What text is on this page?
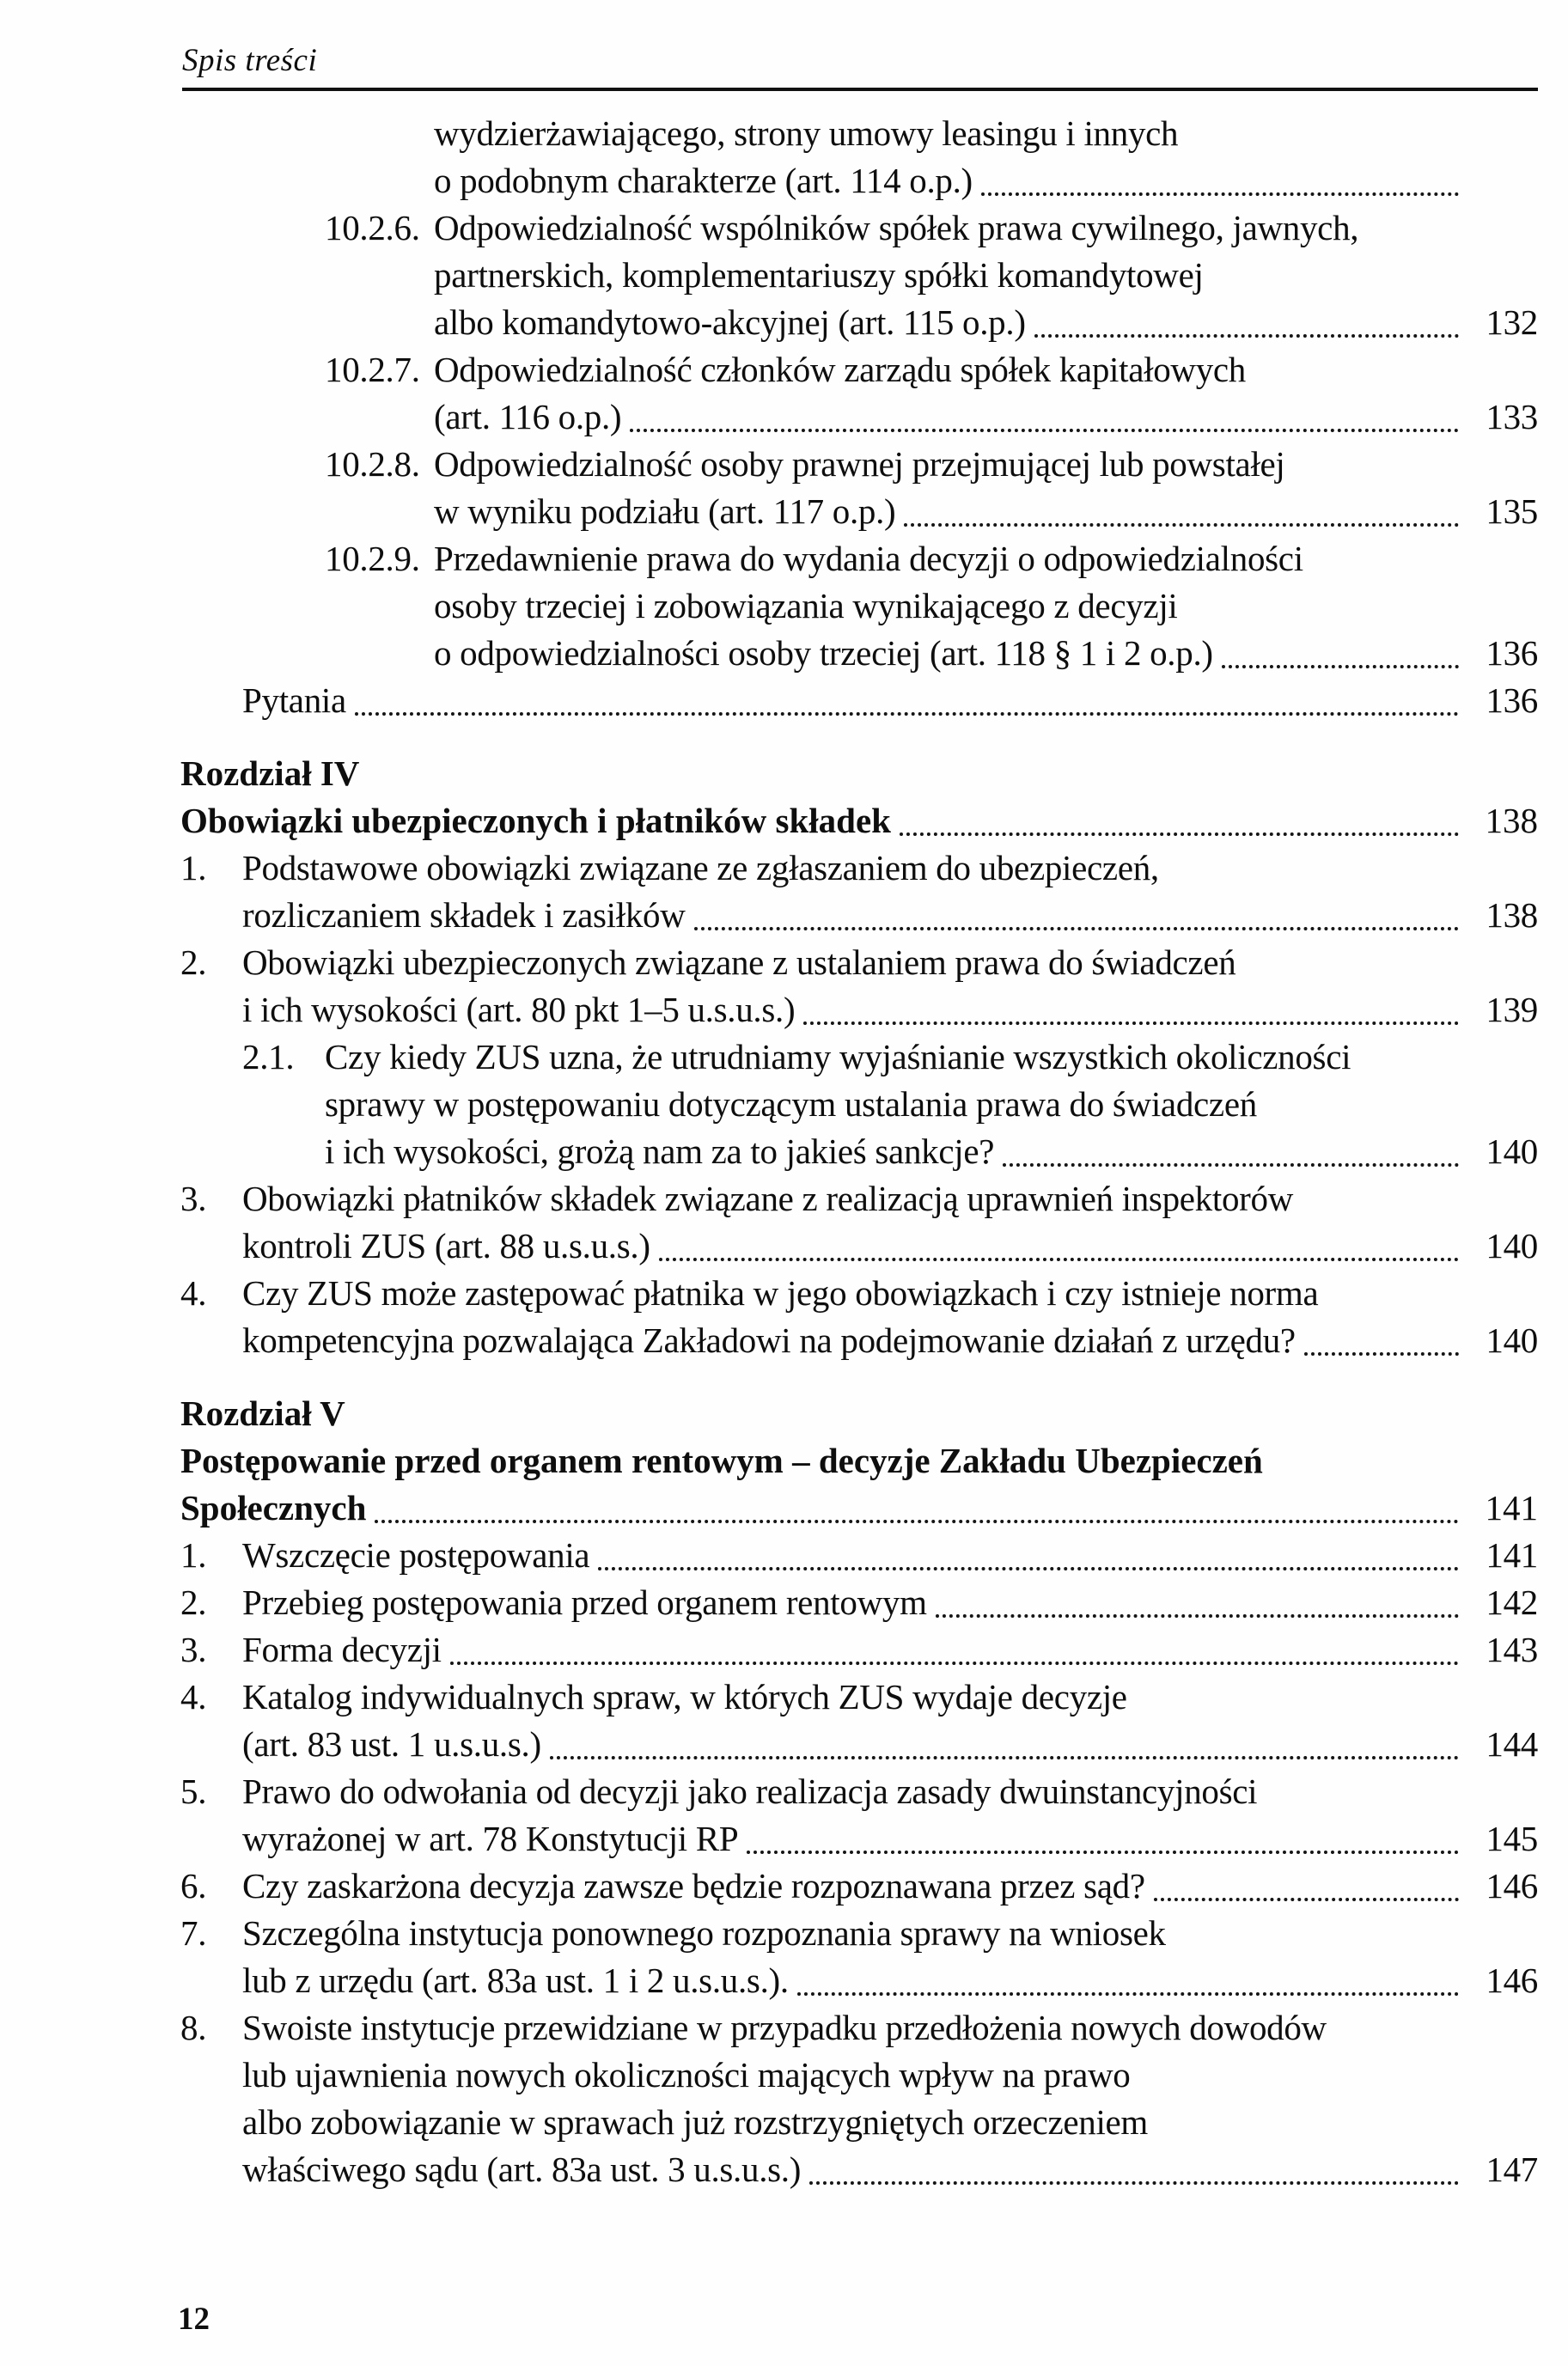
Spis treści
wydzierżawiającego, strony umowy leasingu i innych
o podobnym charakterze (art. 114 o.p.)
10.2.6. Odpowiedzialność wspólników spółek prawa cywilnego, jawnych,
partnerskich, komplementariuszy spółki komandytowej
albo komandytowo-akcyjnej (art. 115 o.p.)	132
10.2.7. Odpowiedzialność członków zarządu spółek kapitałowych
(art. 116 o.p.)	133
10.2.8. Odpowiedzialność osoby prawnej przejmującej lub powstałej
w wyniku podziału (art. 117 o.p.)	135
10.2.9. Przedawnienie prawa do wydania decyzji o odpowiedzialności
osoby trzeciej i zobowiązania wynikającego z decyzji
o odpowiedzialności osoby trzeciej (art. 118 § 1 i 2 o.p.)	136
Pytania	136
Rozdział IV
Obowiązki ubezpieczonych i płatników składek	138
1.	Podstawowe obowiązki związane ze zgłaszaniem do ubezpieczeń,
rozliczaniem składek i zasiłków	138
2.	Obowiązki ubezpieczonych związane z ustalaniem prawa do świadczeń
i ich wysokości (art. 80 pkt 1–5 u.s.u.s.)	139
2.1. Czy kiedy ZUS uzna, że utrudniamy wyjaśnianie wszystkich okoliczności
sprawy w postępowaniu dotyczącym ustalania prawa do świadczeń
i ich wysokości, grożą nam za to jakieś sankcje?	140
3.	Obowiązki płatników składek związane z realizacją uprawnień inspektorów
kontroli ZUS (art. 88 u.s.u.s.)	140
4.	Czy ZUS może zastępować płatnika w jego obowiązkach i czy istnieje norma
kompetencyjna pozwalająca Zakładowi na podejmowanie działań z urzędu?	140
Rozdział V
Postępowanie przed organem rentowym – decyzje Zakładu Ubezpieczeń
Społecznych	141
1.	Wszczęcie postępowania	141
2.	Przebieg postępowania przed organem rentowym	142
3.	Forma decyzji	143
4.	Katalog indywidualnych spraw, w których ZUS wydaje decyzje
(art. 83 ust. 1 u.s.u.s.)	144
5.	Prawo do odwołania od decyzji jako realizacja zasady dwuinstancyjności
wyrażonej w art. 78 Konstytucji RP	145
6.	Czy zaskarżona decyzja zawsze będzie rozpoznawana przez sąd?	146
7.	Szczególna instytucja ponownego rozpoznania sprawy na wniosek
lub z urzędu (art. 83a ust. 1 i 2 u.s.u.s.).	146
8.	Swoiste instytucje przewidziane w przypadku przedłożenia nowych dowodów
lub ujawnienia nowych okoliczności mających wpływ na prawo
albo zobowiązanie w sprawach już rozstrzygniętych orzeczeniem
właściwego sądu (art. 83a ust. 3 u.s.u.s.)	147
12
